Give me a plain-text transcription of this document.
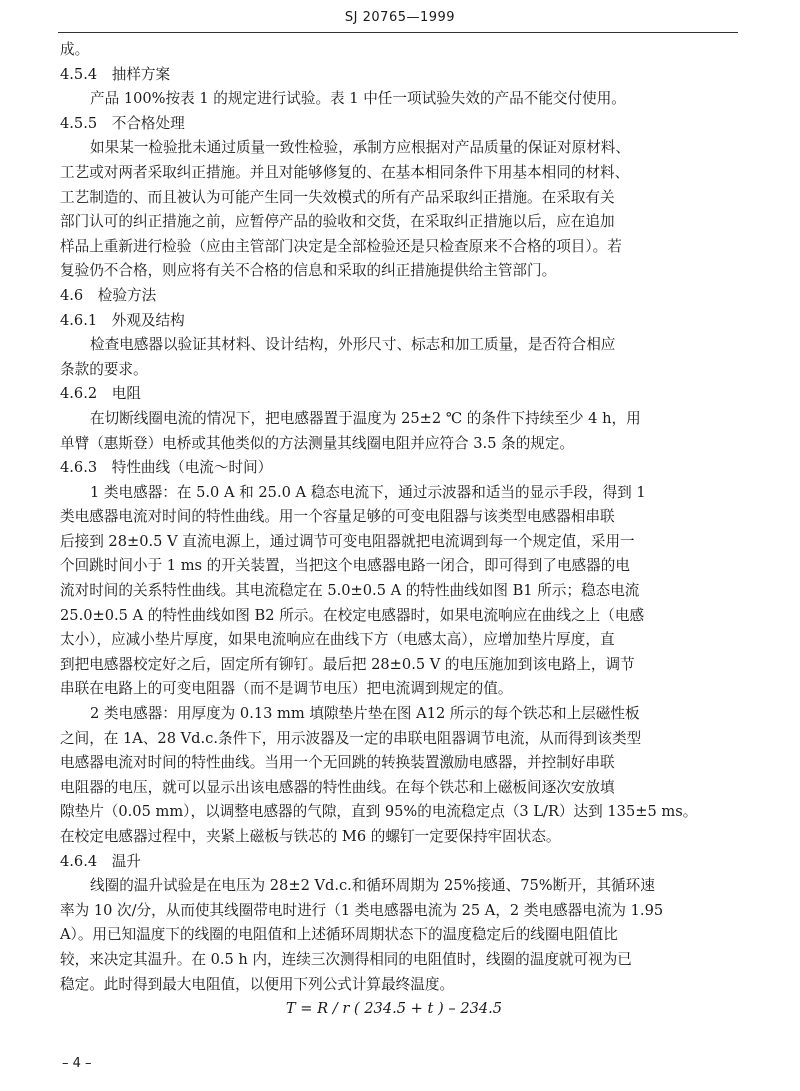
SJ 20765—1999
成。
4.5.4　抽样方案
产品 100%按表 1 的规定进行试验。表 1 中任一项试验失效的产品不能交付使用。
4.5.5　不合格处理
如果某一检验批未通过质量一致性检验，承制方应根据对产品质量的保证对原材料、
工艺或对两者采取纠正措施。并且对能够修复的、在基本相同条件下用基本相同的材料、
工艺制造的、而且被认为可能产生同一失效模式的所有产品采取纠正措施。在采取有关
部门认可的纠正措施之前，应暂停产品的验收和交货，在采取纠正措施以后，应在追加
样品上重新进行检验（应由主管部门决定是全部检验还是只检查原来不合格的项目）。若
复验仍不合格，则应将有关不合格的信息和采取的纠正措施提供给主管部门。
4.6　检验方法
4.6.1　外观及结构
检查电感器以验证其材料、设计结构，外形尺寸、标志和加工质量，是否符合相应
条款的要求。
4.6.2　电阻
在切断线圈电流的情况下，把电感器置于温度为 25±2 ℃ 的条件下持续至少 4 h，用
单臂（惠斯登）电桥或其他类似的方法测量其线圈电阻并应符合 3.5 条的规定。
4.6.3　特性曲线（电流～时间）
1 类电感器：在 5.0 A 和 25.0 A 稳态电流下，通过示波器和适当的显示手段，得到 1
类电感器电流对时间的特性曲线。用一个容量足够的可变电阻器与该类型电感器相串联
后接到 28±0.5 V 直流电源上，通过调节可变电阻器就把电流调到每一个规定值，采用一
个回跳时间小于 1 ms 的开关装置，当把这个电感器电路一闭合，即可得到了电感器的电
流对时间的关系特性曲线。其电流稳定在 5.0±0.5 A 的特性曲线如图 B1 所示；稳态电流
25.0±0.5 A 的特性曲线如图 B2 所示。在校定电感器时，如果电流响应在曲线之上（电感
太小），应减小垫片厚度，如果电流响应在曲线下方（电感太高），应增加垫片厚度，直
到把电感器校定好之后，固定所有铆钉。最后把 28±0.5 V 的电压施加到该电路上，调节
串联在电路上的可变电阻器（而不是调节电压）把电流调到规定的值。
2 类电感器：用厚度为 0.13 mm 填隙垫片垫在图 A12 所示的每个铁芯和上层磁性板
之间，在 1A、28 Vd.c.条件下，用示波器及一定的串联电阻器调节电流，从而得到该类型
电感器电流对时间的特性曲线。当用一个无回跳的转换装置激励电感器，并控制好串联
电阻器的电压，就可以显示出该电感器的特性曲线。在每个铁芯和上磁板间逐次安放填
隙垫片（0.05 mm），以调整电感器的气隙，直到 95%的电流稳定点（3 L/R）达到 135±5 ms。
在校定电感器过程中，夹紧上磁板与铁芯的 M6 的螺钉一定要保持牢固状态。
4.6.4　温升
线圈的温升试验是在电压为 28±2 Vd.c.和循环周期为 25%接通、75%断开，其循环速
率为 10 次/分，从而使其线圈带电时进行（1 类电感器电流为 25 A，2 类电感器电流为 1.95
A）。用已知温度下的线圈的电阻值和上述循环周期状态下的温度稳定后的线圈电阻值比
较，来决定其温升。在 0.5 h 内，连续三次测得相同的电阻值时，线圈的温度就可视为已
稳定。此时得到最大电阻值，以便用下列公式计算最终温度。
T = R / r ( 234.5 + t ) – 234.5
– 4 –
